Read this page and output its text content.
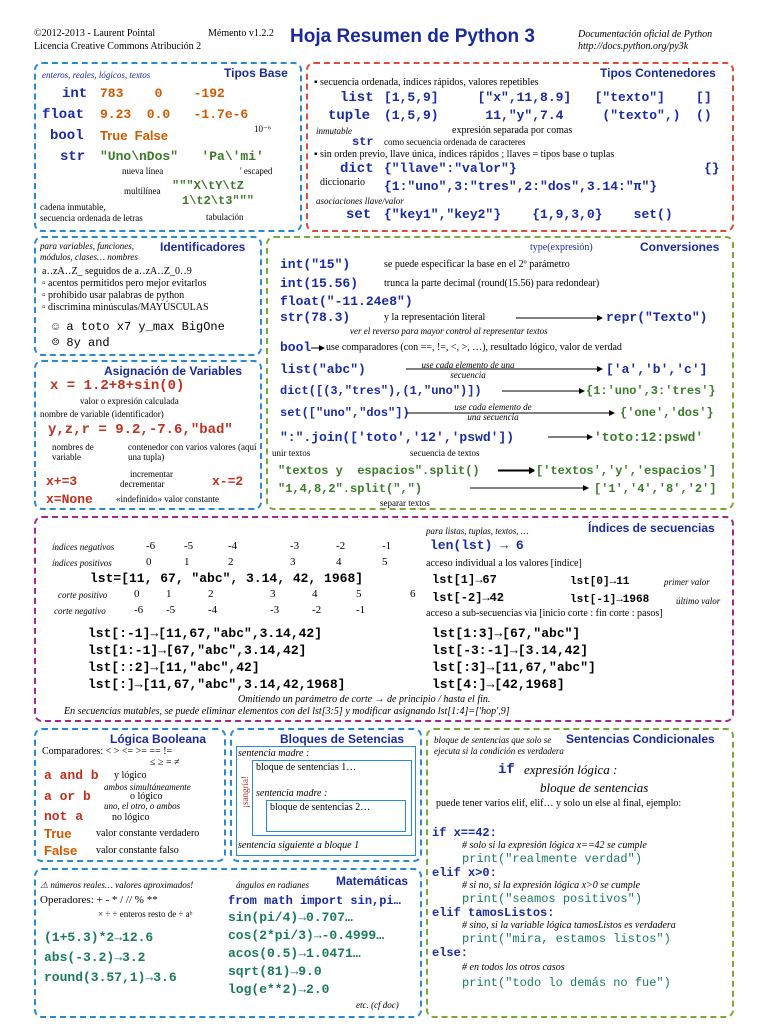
©2012-2013 - Laurent Pointal	Mémento v1.2.2
Licencia Creative Commons Atribución 2	Hoja Resumen de Python 3	Documentación oficial de Python
http://docs.python.org/py3k
Tipos Base
enteros, reales, lógicos, textos
int 783    0    -192
float 9.23  0.0   -1.7e-6
10⁻⁶
bool True  False
str "Uno\nDos"   'Pa\'mi'
nueva línea	' escaped
multilínea """X\tY\tZ
1\t2\t3"""
tabulación
cadena inmutable,
secuencia ordenada de letras
Tipos Contenedores
▪ secuencia ordenada, índices rápidos, valores repetibles
list [1,5,9]     ["x",11,8.9]   ["texto"]    []
tuple (1,5,9)      11,"y",7.4     ("texto",)  ()
inmutable	expresión separada por comas
str como secuencia ordenada de caracteres
▪ sin orden previo, llave única, índices rápidos ; llaves = tipos base o tuplas
dict {"llave":"valor"}	{}
diccionario {1:"uno",3:"tres",2:"dos",3.14:"π"}
asociaciones llave/valor
set {"key1","key2"}    {1,9,3,0}    set()
Identificadores
para variables, funciones, módulos, clases… nombres
a‥zA‥Z_ seguidos de a‥zA‥Z_0‥9
▫ acentos permitidos pero mejor evitarlos
▫ prohibido usar palabras de python
▫ discrimina minúsculas/MAYÚSCULAS
☺ a toto x7 y_max BigOne
☹ 8y and
Asignación de Variables
x = 1.2+8+sin(0)
valor o expresión calculada
nombre de variable (identificador)
y,z,r = 9.2,-7.6,"bad"
nombres de variable
contenedor con varios valores (aquí una tupla)
x+=3	incrementar
decrementar	x-=2
x=None	«indefinido» valor constante
Conversiones
type(expresión)
int("15")	se puede especificar la base en el 2º parámetro
int(15.56)	trunca la parte decimal (round(15.56) para redondear)
float("-11.24e8")
str(78.3)	y la representación literal	repr("Texto")
ver el reverso para mayor control al representar textos
bool use comparadores (con ==, !=, <, >, …), resultado lógico, valor de verdad
list("abc")	use cada elemento de una secuencia	['a','b','c']
dict([(3,"tres"),(1,"uno")])	{1:'uno',3:'tres'}
set(["uno","dos"])	use cada elemento de una secuencia	{'one','dos'}
":".join(['toto','12','pswd'])	'toto:12:pswd'
unir textos	secuencia de textos
"textos y  espacios".split()	['textos','y','espacios']
"1,4,8,2".split(",")	['1','4','8','2']
separar textos
Índices de secuencias
para listas, tuplas, textos, …
índices negativos
índices positivos
lst=[11, 67, "abc", 3.14, 42, 1968]
corte positivo
corte negativo
-6	-5	-4	-3	-2	-1
0	1	2	3	4	5
0 1	2	3	4	5	6
-6 -5	-4	-3	-2	-1
len(lst) → 6
acceso individual a los valores [índice]
lst[1]→67	lst[0]→11	primer valor
lst[-2]→42	lst[-1]→1968	último valor
acceso a sub-secuencias via [inicio corte : fin corte : pasos]
lst[:-1]→[11,67,"abc",3.14,42]	lst[1:3]→[67,"abc"]
lst[1:-1]→[67,"abc",3.14,42]	lst[-3:-1]→[3.14,42]
lst[::2]→[11,"abc",42]	lst[:3]→[11,67,"abc"]
lst[:]→[11,67,"abc",3.14,42,1968]	lst[4:]→[42,1968]
Omitiendo un parámetro de corte → de principio / hasta el fin.
En secuencias mutables, se puede eliminar elementos con del lst[3:5] y modificar asignando lst[1:4]=['hop',9]
Lógica Booleana
Comparadores: < > <= >= == !=
≤ ≥ = ≠
a and b y lógico
ambos simultáneamente
a or b	o lógico
uno, el otro, o ambos
not a	no lógico
True valor constante verdadero
False valor constante falso
Bloques de Setencias
sentencia madre :
bloque de sentencias 1…
sentencia madre :
bloque de sentencias 2…
sentencia siguiente a bloque 1
¡sangría!
Matemáticas
⚠ números reales… valores aproximados!	ángulos en radianes
Operadores: + - * / // % **
× ÷ ÷ enteros resto de ÷ aᵇ
(1+5.3)*2→12.6
abs(-3.2)→3.2
round(3.57,1)→3.6
from math import sin,pi…
sin(pi/4)→0.707…
cos(2*pi/3)→-0.4999…
acos(0.5)→1.0471…
sqrt(81)→9.0
log(e**2)→2.0
etc. (cf doc)
Sentencias Condicionales
bloque de sentencias que solo se ejecuta si la condición es verdadera
if expresión lógica :
bloque de sentencias
puede tener varios elif, elif… y solo un else al final, ejemplo:
if x==42:
# solo si la expresión lógica x==42 se cumple
print("realmente verdad")
elif x>0:
# si no, si la expresión lógica x>0 se cumple
print("seamos positivos")
elif tamosListos:
# sino, si la variable lógica tamosListos es verdadera
print("mira, estamos listos")
else:
# en todos los otros casos
print("todo lo demás no fue")
